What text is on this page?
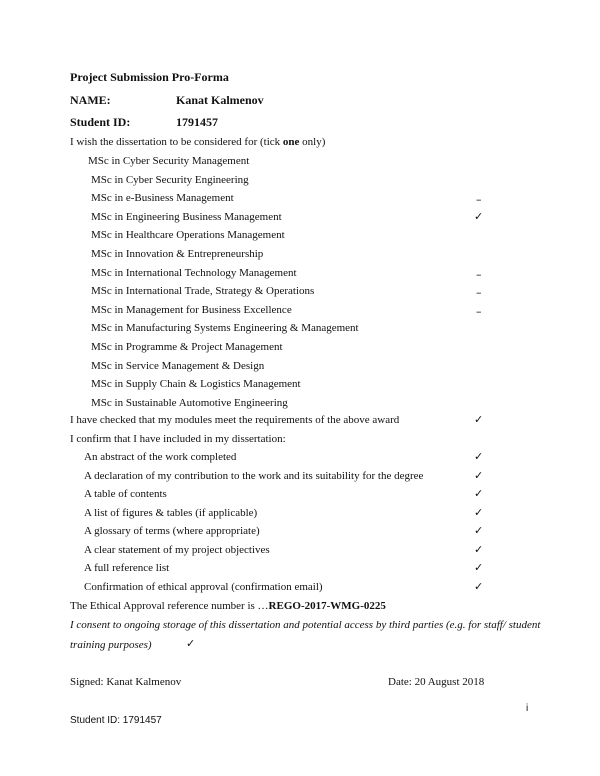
Project Submission Pro-Forma
NAME:	Kanat Kalmenov
Student ID:	1791457
I wish the dissertation to be considered for (tick one only)
MSc in Cyber Security Management
MSc in Cyber Security Engineering
MSc in e-Business Management	–
MSc in Engineering Business Management	✓
MSc in Healthcare Operations Management
MSc in Innovation & Entrepreneurship
MSc in International Technology Management	–
MSc in International Trade, Strategy & Operations	–
MSc in Management for Business Excellence	–
MSc in Manufacturing Systems Engineering & Management
MSc in Programme & Project Management
MSc in Service Management & Design
MSc in Supply Chain & Logistics Management
MSc in Sustainable Automotive Engineering
I have checked that my modules meet the requirements of the above award	✓
I confirm that I have included in my dissertation:
An abstract of the work completed	✓
A declaration of my contribution to the work and its suitability for the degree	✓
A table of contents	✓
A list of figures & tables (if applicable)	✓
A glossary of terms (where appropriate)	✓
A clear statement of my project objectives	✓
A full reference list	✓
Confirmation of ethical approval (confirmation email)	✓
The Ethical Approval reference number is …REGO-2017-WMG-0225
I consent to ongoing storage of this dissertation and potential access by third parties (e.g. for staff/ student
training purposes)	✓
Signed: Kanat Kalmenov	Date: 20 August 2018
i
Student ID: 1791457
